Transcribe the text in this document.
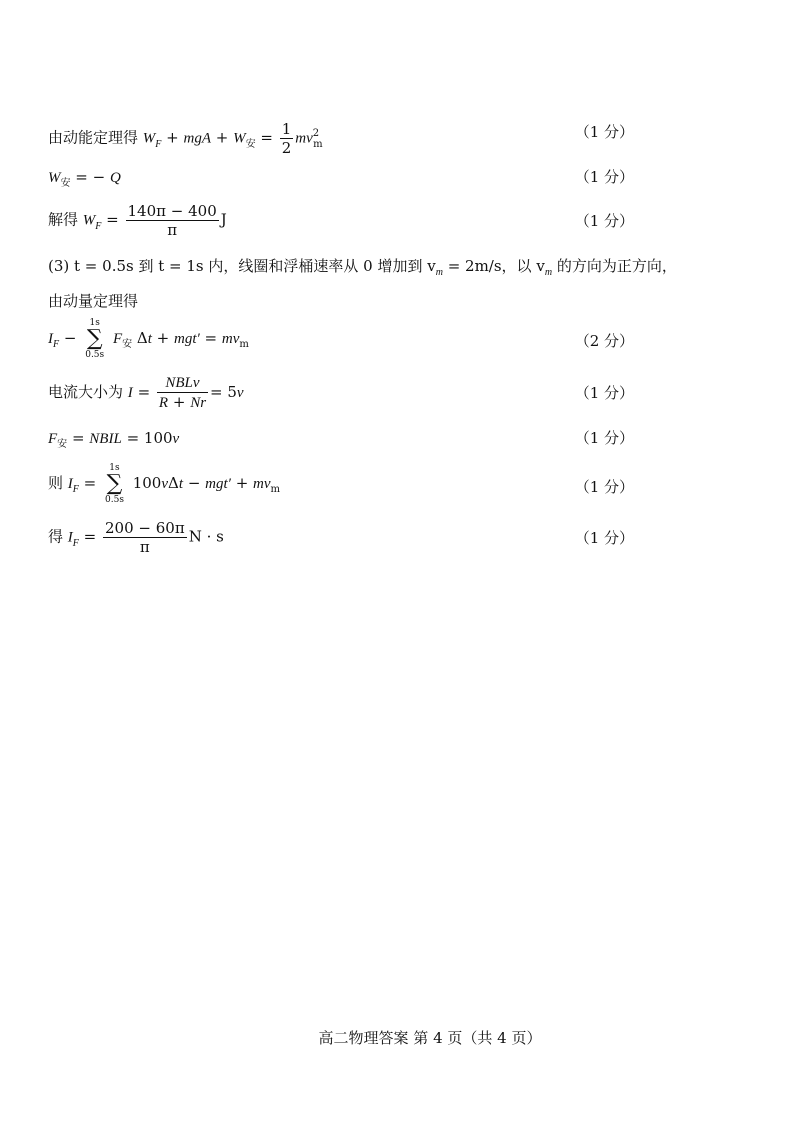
由动能定理得 $W_F$ + mgA + $W_安 = \frac{1}{2} mv^2_m$
（1 分）
$W_安$ = − Q	（1 分）
解得 $W_F = \frac{140\pi - 400}{\pi}$ J	（1 分）
(3) t = 0.5s 到 t = 1s 内，线圈和浮桶速率从 0 增加到 $v_m = 2m/s$，以 $v_m$ 的方向为正方向，
由动量定理得
$I_F$ −
1s
∑
0.5s
$F_安$ $\Delta t + mgt' = mv_m$	（2 分）
电流大小为 $I = \frac{\text{NBLv}}{R + Nr} = 5v$	（1 分）
$F_安$ = NBIL = 100v	（1 分）
则 $I_F$ =
1s
∑
0.5s
$100v\Delta t - mgt' + mv_m$	（1 分）
得 $I_F = \frac{200 - 60\pi}{\pi}$ N · s	（1 分）
高二物理答案 第 4 页（共 4 页）
